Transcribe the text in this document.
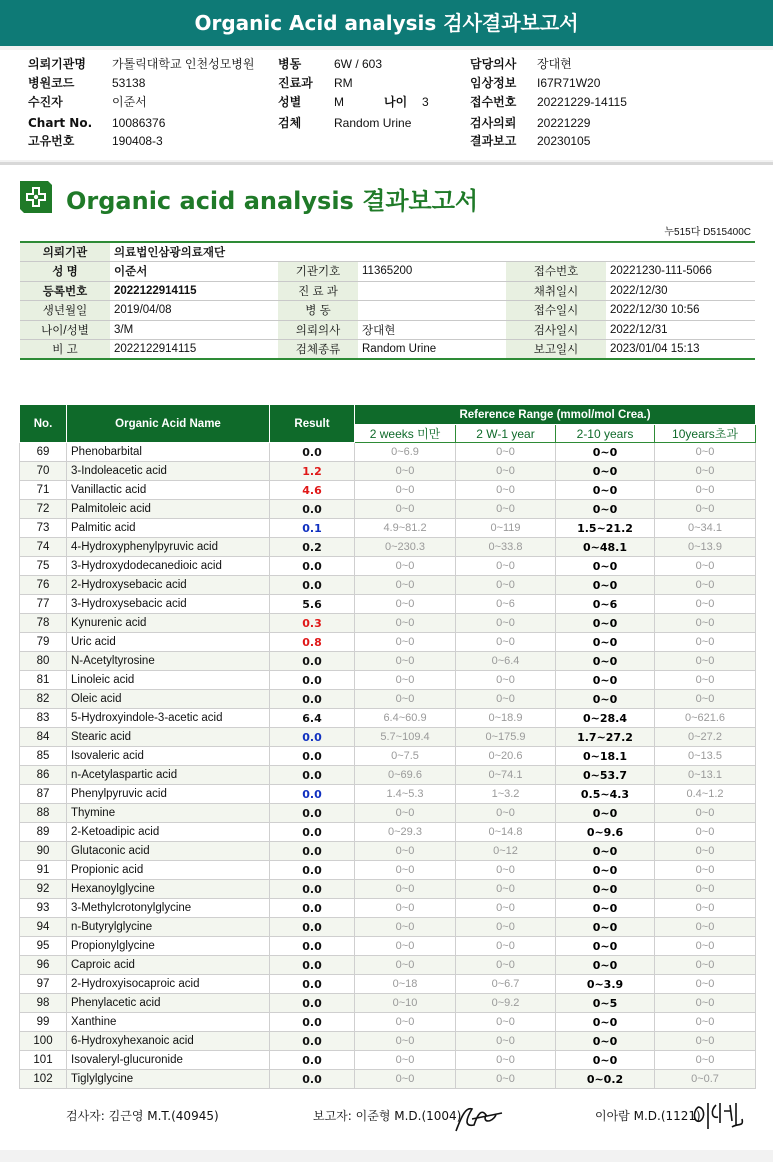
Organic Acid analysis 검사결과보고서
의뢰기관명 가톨릭대학교 인천성모병원 병동	6W / 603	담당의사 장대현
병원코드	53138	진료과 RM	임상정보 I67R71W20
수진자	이준서	성별	M	나이 3	접수번호 20221229-14115
Chart No. 10086376	검체	Random Urine	검사의뢰 20221229
고유번호	190408-3	결과보고 20230105
Organic acid analysis 결과보고서
누515다 D515400C
의뢰기관	의료법인삼광의료재단				
성 명	이준서	기관기호	11365200	접수번호	20221230-111-5066
등록번호	2022122914115	진 료 과		채취일시	2022/12/30
생년월일	2019/04/08	병 동		접수일시	2022/12/30 10:56
나이/성별	3/M	의뢰의사	장대현	검사일시	2022/12/31
비 고	2022122914115	검체종류	Random Urine	보고일시	2023/01/04 15:13
No.	Organic Acid Name	Result	Reference Range (mmol/mol Crea.)			
			2 weeks 미만	2 W-1 year	2-10 years	10years초과
69	Phenobarbital	0.0	0~6.9	0~0	0~0	0~0
70	3-Indoleacetic acid	1.2	0~0	0~0	0~0	0~0
71	Vanillactic acid	4.6	0~0	0~0	0~0	0~0
72	Palmitoleic acid	0.0	0~0	0~0	0~0	0~0
73	Palmitic acid	0.1	4.9~81.2	0~119	1.5~21.2	0~34.1
74	4-Hydroxyphenylpyruvic acid	0.2	0~230.3	0~33.8	0~48.1	0~13.9
75	3-Hydroxydodecanedioic acid	0.0	0~0	0~0	0~0	0~0
76	2-Hydroxysebacic acid	0.0	0~0	0~0	0~0	0~0
77	3-Hydroxysebacic acid	5.6	0~0	0~6	0~6	0~0
78	Kynurenic acid	0.3	0~0	0~0	0~0	0~0
79	Uric acid	0.8	0~0	0~0	0~0	0~0
80	N-Acetyltyrosine	0.0	0~0	0~6.4	0~0	0~0
81	Linoleic acid	0.0	0~0	0~0	0~0	0~0
82	Oleic acid	0.0	0~0	0~0	0~0	0~0
83	5-Hydroxyindole-3-acetic acid	6.4	6.4~60.9	0~18.9	0~28.4	0~621.6
84	Stearic acid	0.0	5.7~109.4	0~175.9	1.7~27.2	0~27.2
85	Isovaleric acid	0.0	0~7.5	0~20.6	0~18.1	0~13.5
86	n-Acetylaspartic acid	0.0	0~69.6	0~74.1	0~53.7	0~13.1
87	Phenylpyruvic acid	0.0	1.4~5.3	1~3.2	0.5~4.3	0.4~1.2
88	Thymine	0.0	0~0	0~0	0~0	0~0
89	2-Ketoadipic acid	0.0	0~29.3	0~14.8	0~9.6	0~0
90	Glutaconic acid	0.0	0~0	0~12	0~0	0~0
91	Propionic acid	0.0	0~0	0~0	0~0	0~0
92	Hexanoylglycine	0.0	0~0	0~0	0~0	0~0
93	3-Methylcrotonylglycine	0.0	0~0	0~0	0~0	0~0
94	n-Butyrylglycine	0.0	0~0	0~0	0~0	0~0
95	Propionylglycine	0.0	0~0	0~0	0~0	0~0
96	Caproic acid	0.0	0~0	0~0	0~0	0~0
97	2-Hydroxyisocaproic acid	0.0	0~18	0~6.7	0~3.9	0~0
98	Phenylacetic acid	0.0	0~10	0~9.2	0~5	0~0
99	Xanthine	0.0	0~0	0~0	0~0	0~0
100	6-Hydroxyhexanoic acid	0.0	0~0	0~0	0~0	0~0
101	Isovaleryl-glucuronide	0.0	0~0	0~0	0~0	0~0
102	Tiglylglycine	0.0	0~0	0~0	0~0.2	0~0.7
검사자: 김근영 M.T.(40945)	보고자: 이준형 M.D.(1004)	이아람 M.D.(1121)
